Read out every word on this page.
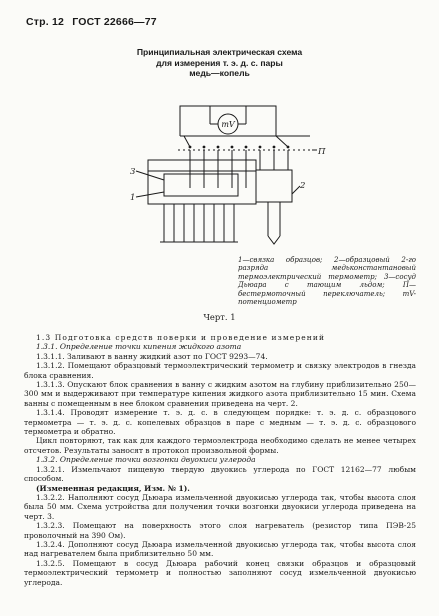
Стр. 12 ГОСТ 22666—77
Принципиальная электрическая схема
для измерения т. э. д. с. пары
медь—копель
mV
П
3
1
2
1—связка образцов; 2—образцовый 2-го разряда медьконстантановый термоэлектрический термометр; 3—сосуд Дьюара с тающим льдом; П—бестермоточный переключатель; mV- потенциометр
Черт. 1

1.3 Подготовка средств поверки и проведение измерений

1.3.1. Определение точки кипения жидкого азота

1.3.1.1. Заливают в ванну жидкий азот по ГОСТ 9293—74.

1.3.1.2. Помещают образцовый термоэлектрический термометр и связку электродов в гнезда блока сравнения.

1.3.1.3. Опускают блок сравнения в ванну с жидким азотом на глубину приблизительно 250—300 мм и выдерживают при температуре кипения жидкого азота приблизительно 15 мин. Схема ванны с помещенным в нее блоком сравнения приведена на черт. 2.

1.3.1.4. Проводят измерение т. э. д. с. в следующем порядке: т. э. д. с. образцового термометра — т. э. д. с. копелевых образцов в паре с медным — т. э. д. с. образцового термометра и обратно.

Цикл повторяют, так как для каждого термоэлектрода необходимо сделать не менее четырех отсчетов. Результаты заносят в протокол произвольной формы.

1.3.2. Определение точки возгонки двуокиси углерода

1.3.2.1. Измельчают пищевую твердую двуокись углерода по ГОСТ 12162—77 любым способом.

(Измененная редакция, Изм. № 1).

1.3.2.2. Наполняют сосуд Дьюара измельченной двуокисью углерода так, чтобы высота слоя была 50 мм. Схема устройства для получения точки возгонки двуокиси углерода приведена на черт. 3.

1.3.2.3. Помещают на поверхность этого слоя нагреватель (резистор типа ПЭВ-25 проволочный на 390 Ом).

1.3.2.4. Дополняют сосуд Дьюара измельченной двуокисью углерода так, чтобы высота слоя над нагревателем была приблизительно 50 мм.

1.3.2.5. Помещают в сосуд Дьюара рабочий конец связки образцов и образцовый термоэлектрический термометр и полностью заполняют сосуд измельченной двуокисью углерода.
